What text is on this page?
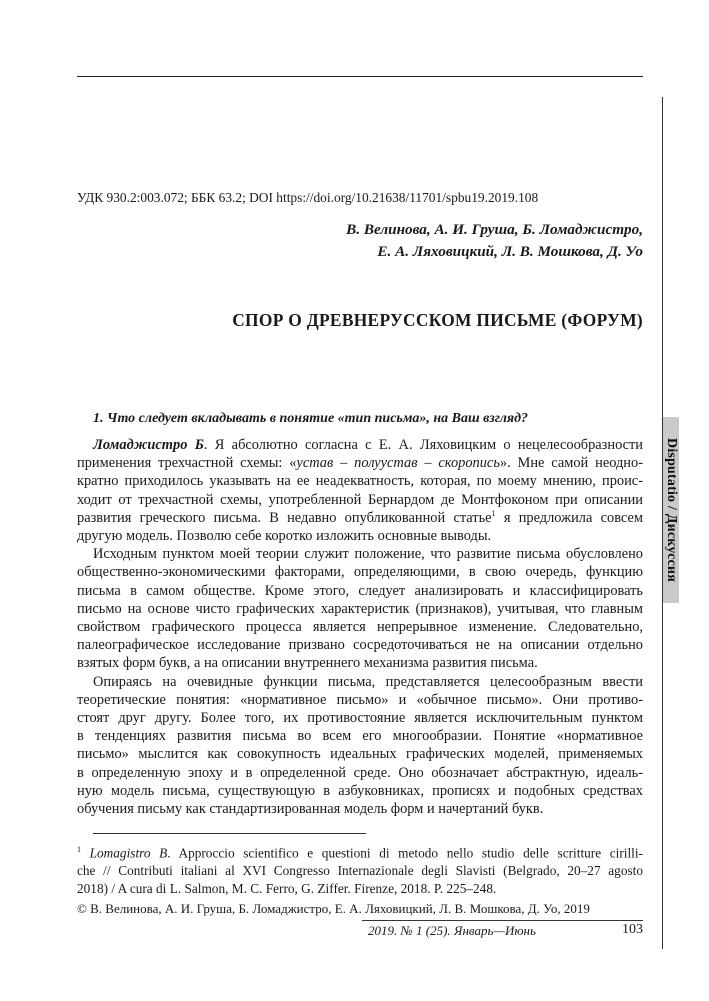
Disputatio / Дискуссия
УДК 930.2:003.072; ББК 63.2; DOI https://doi.org/10.21638/11701/spbu19.2019.108
В. Велинова, А. И. Груша, Б. Ломаджистро,
Е. А. Ляховицкий, Л. В. Мошкова, Д. Уо
СПОР О ДРЕВНЕРУССКОМ ПИСЬМЕ (ФОРУМ)
1. Что следует вкладывать в понятие «тип письма», на Ваш взгляд?
Ломаджистро Б. Я абсолютно согласна с Е. А. Ляховицким о нецелесообразности
применения трехчастной схемы: «устав – полуустав – скоропись». Мне самой неодно-
кратно приходилось указывать на ее неадекватность, которая, по моему мнению, проис-
ходит от трехчастной схемы, употребленной Бернардом де Монтфоконом при описании
развития греческого письма. В недавно опубликованной статье$^1$ я предложила совсем
другую модель. Позволю себе коротко изложить основные выводы.
Исходным пунктом моей теории служит положение, что развитие письма обусловлено
общественно-экономическими факторами, определяющими, в свою очередь, функцию
письма в самом обществе. Кроме этого, следует анализировать и классифицировать
письмо на основе чисто графических характеристик (признаков), учитывая, что главным
свойством графического процесса является непрерывное изменение. Следовательно,
палеографическое исследование призвано сосредоточиваться не на описании отдельно
взятых форм букв, а на описании внутреннего механизма развития письма.
Опираясь на очевидные функции письма, представляется целесообразным ввести
теоретические понятия: «нормативное письмо» и «обычное письмо». Они противо-
стоят друг другу. Более того, их противостояние является исключительным пунктом
в тенденциях развития письма во всем его многообразии. Понятие «нормативное
письмо» мыслится как совокупность идеальных графических моделей, применяемых
в определенную эпоху и в определенной среде. Оно обозначает абстрактную, идеаль-
ную модель письма, существующую в азбуковниках, прописях и подобных средствах
обучения письму как стандартизированная модель форм и начертаний букв.
$^1$ Lomagistro B. Approccio scientifico e questioni di metodo nello studio delle scritture cirilli-
che // Contributi italiani al XVI Congresso Internazionale degli Slavisti (Belgrado, 20–27 agosto
2018) / A cura di L. Salmon, M. C. Ferro, G. Ziffer. Firenze, 2018. P. 225–248.
© В. Велинова, А. И. Груша, Б. Ломаджистро, Е. А. Ляховицкий, Л. В. Мошкова, Д. Уо, 2019
2019. № 1 (25). Январь—Июнь	103
